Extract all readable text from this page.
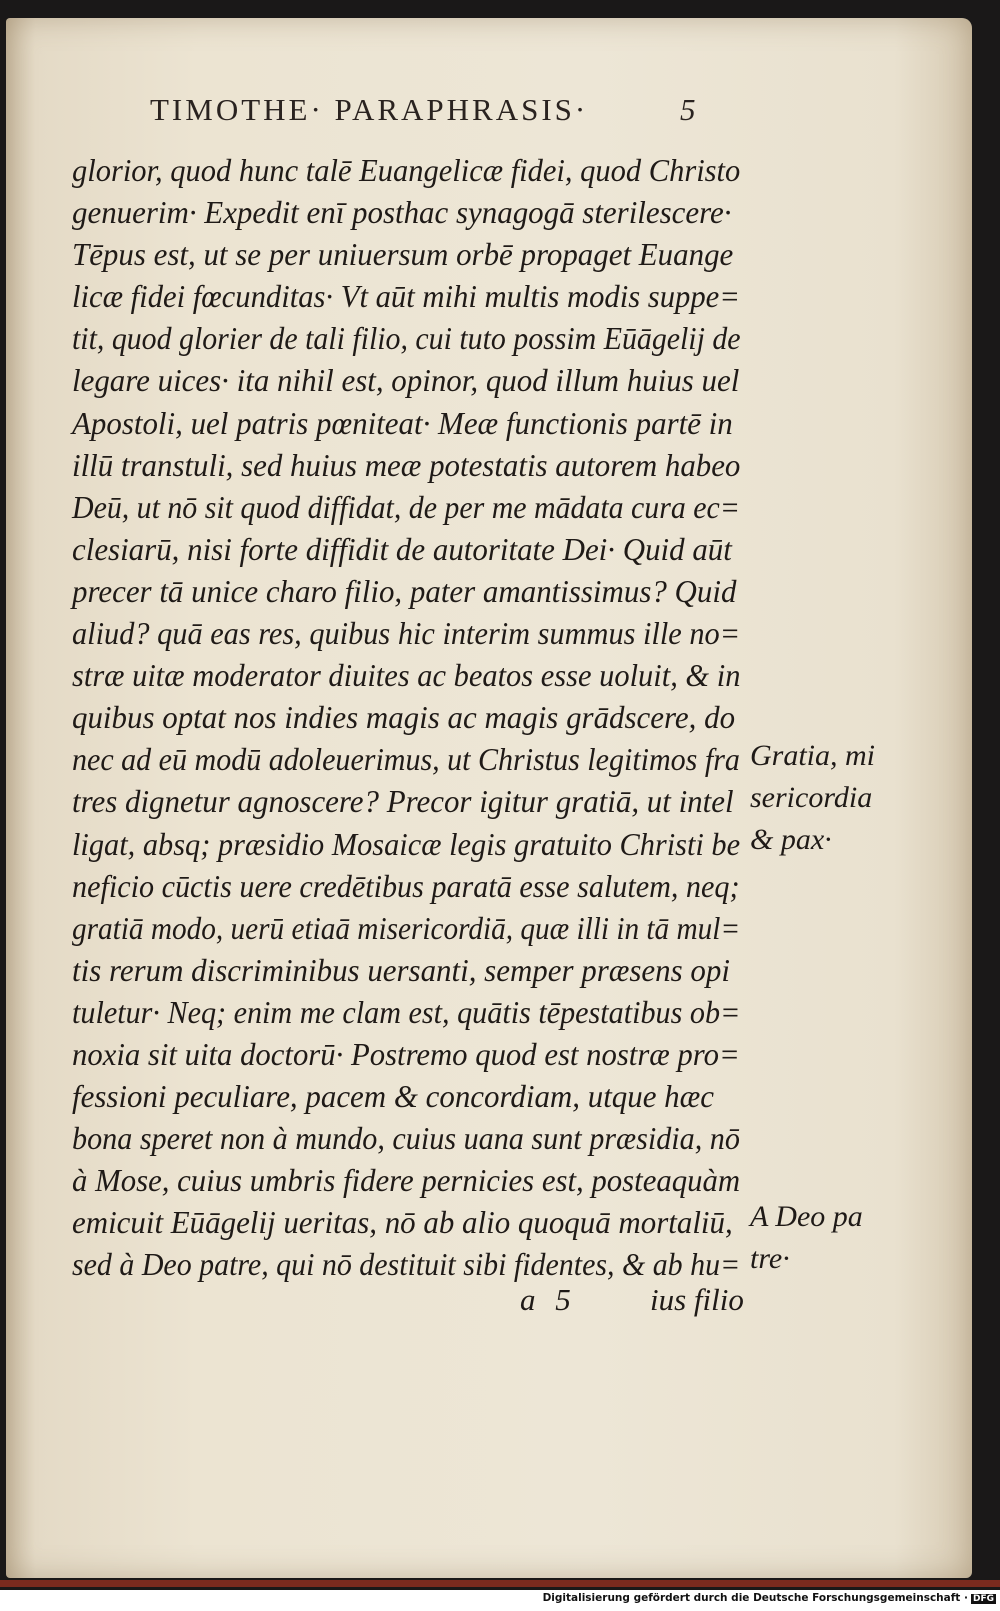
TIMOTHE· PARAPHRASIS·	5
glorior, quod hunc talē Euangelicæ fidei, quod Christo
genuerim· Expedit enī posthac synagogā sterilescere·
Tēpus est, ut se per uniuersum orbē propaget Euange
licæ fidei fœcunditas· Vt aūt mihi multis modis suppe=
tit, quod glorier de tali filio, cui tuto possim Eūāgelij de
legare uices· ita nihil est, opinor, quod illum huius uel
Apostoli, uel patris pœniteat· Meæ functionis partē in
illū transtuli, sed huius meæ potestatis autorem habeo
Deū, ut nō sit quod diffidat, de per me mādata cura ec=
clesiarū, nisi forte diffidit de autoritate Dei· Quid aūt
precer tā unice charo filio, pater amantissimus? Quid
aliud? quā eas res, quibus hic interim summus ille no=
stræ uitæ moderator diuites ac beatos esse uoluit, & in
quibus optat nos indies magis ac magis grādscere, do
nec ad eū modū adoleuerimus, ut Christus legitimos fra
tres dignetur agnoscere? Precor igitur gratiā, ut intel
ligat, absq; præsidio Mosaicæ legis gratuito Christi be
neficio cūctis uere credētibus paratā esse salutem, neq;
gratiā modo, uerū etiaā misericordiā, quæ illi in tā mul=
tis rerum discriminibus uersanti, semper præsens opi
tuletur· Neq; enim me clam est, quātis tēpestatibus ob=
noxia sit uita doctorū· Postremo quod est nostræ pro=
fessioni peculiare, pacem & concordiam, utque hæc
bona speret non à mundo, cuius uana sunt præsidia, nō
à Mose, cuius umbris fidere pernicies est, posteaquàm
emicuit Eūāgelij ueritas, nō ab alio quoquā mortaliū,
sed à Deo patre, qui nō destituit sibi fidentes, & ab hu=
Gratia, mi
sericordia
& pax·
A Deo pa
tre·
a 5 ius filio
Digitalisierung gefördert durch die Deutsche Forschungsgemeinschaft · DFG
